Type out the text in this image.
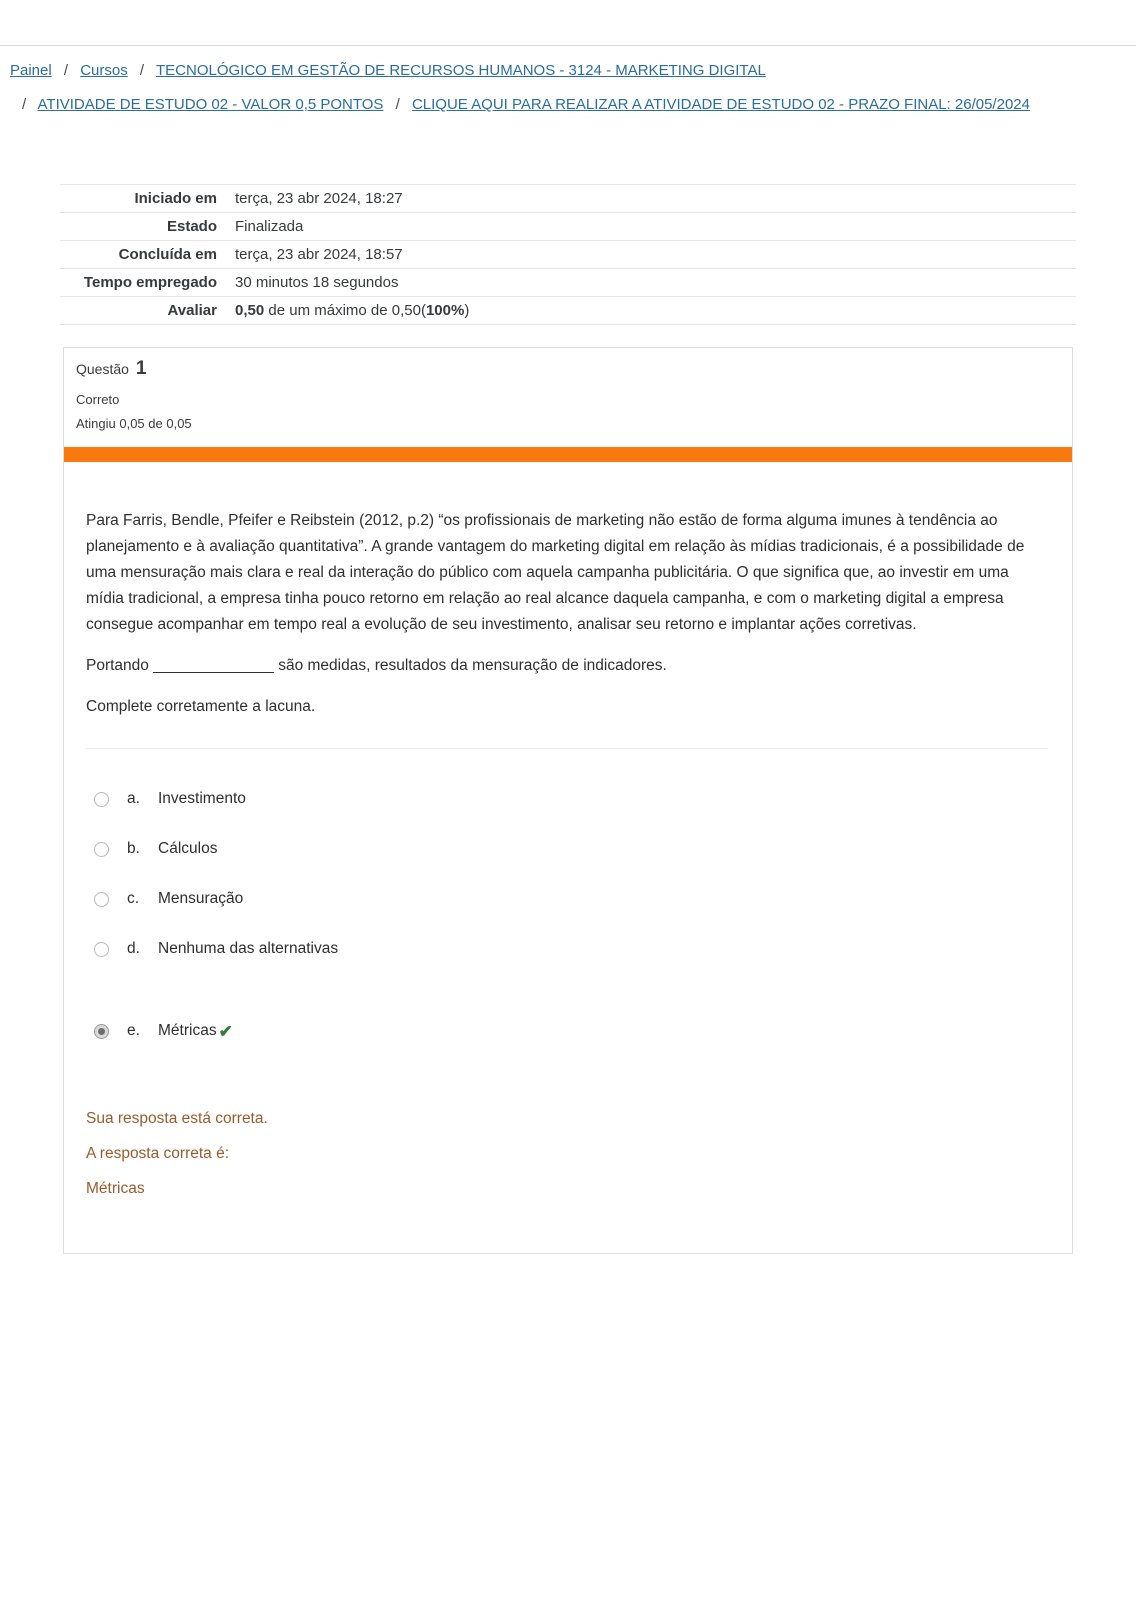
Painel / Cursos / TECNOLÓGICO EM GESTÃO DE RECURSOS HUMANOS - 3124 - MARKETING DIGITAL
/ ATIVIDADE DE ESTUDO 02 - VALOR 0,5 PONTOS / CLIQUE AQUI PARA REALIZAR A ATIVIDADE DE ESTUDO 02 - PRAZO FINAL: 26/05/2024
Iniciado em	terça, 23 abr 2024, 18:27
Estado	Finalizada
Concluída em	terça, 23 abr 2024, 18:57
Tempo empregado	30 minutos 18 segundos
Avaliar	0,50 de um máximo de 0,50(100%)
Questão 1
Correto
Atingiu 0,05 de 0,05

Para Farris, Bendle, Pfeifer e Reibstein (2012, p.2) “os profissionais de marketing não estão de forma alguma imunes à tendência ao planejamento e à avaliação quantitativa”. A grande vantagem do marketing digital em relação às mídias tradicionais, é a possibilidade de uma mensuração mais clara e real da interação do público com aquela campanha publicitária. O que significa que, ao investir em uma mídia tradicional, a empresa tinha pouco retorno em relação ao real alcance daquela campanha, e com o marketing digital a empresa consegue acompanhar em tempo real a evolução de seu investimento, analisar seu retorno e implantar ações corretivas.

Portando ______________ são medidas, resultados da mensuração de indicadores.

Complete corretamente a lacuna.

a.	Investimento
b.	Cálculos
c.	Mensuração
d.	Nenhuma das alternativas
e.	Métricas ✔
Sua resposta está correta.
A resposta correta é:
Métricas
